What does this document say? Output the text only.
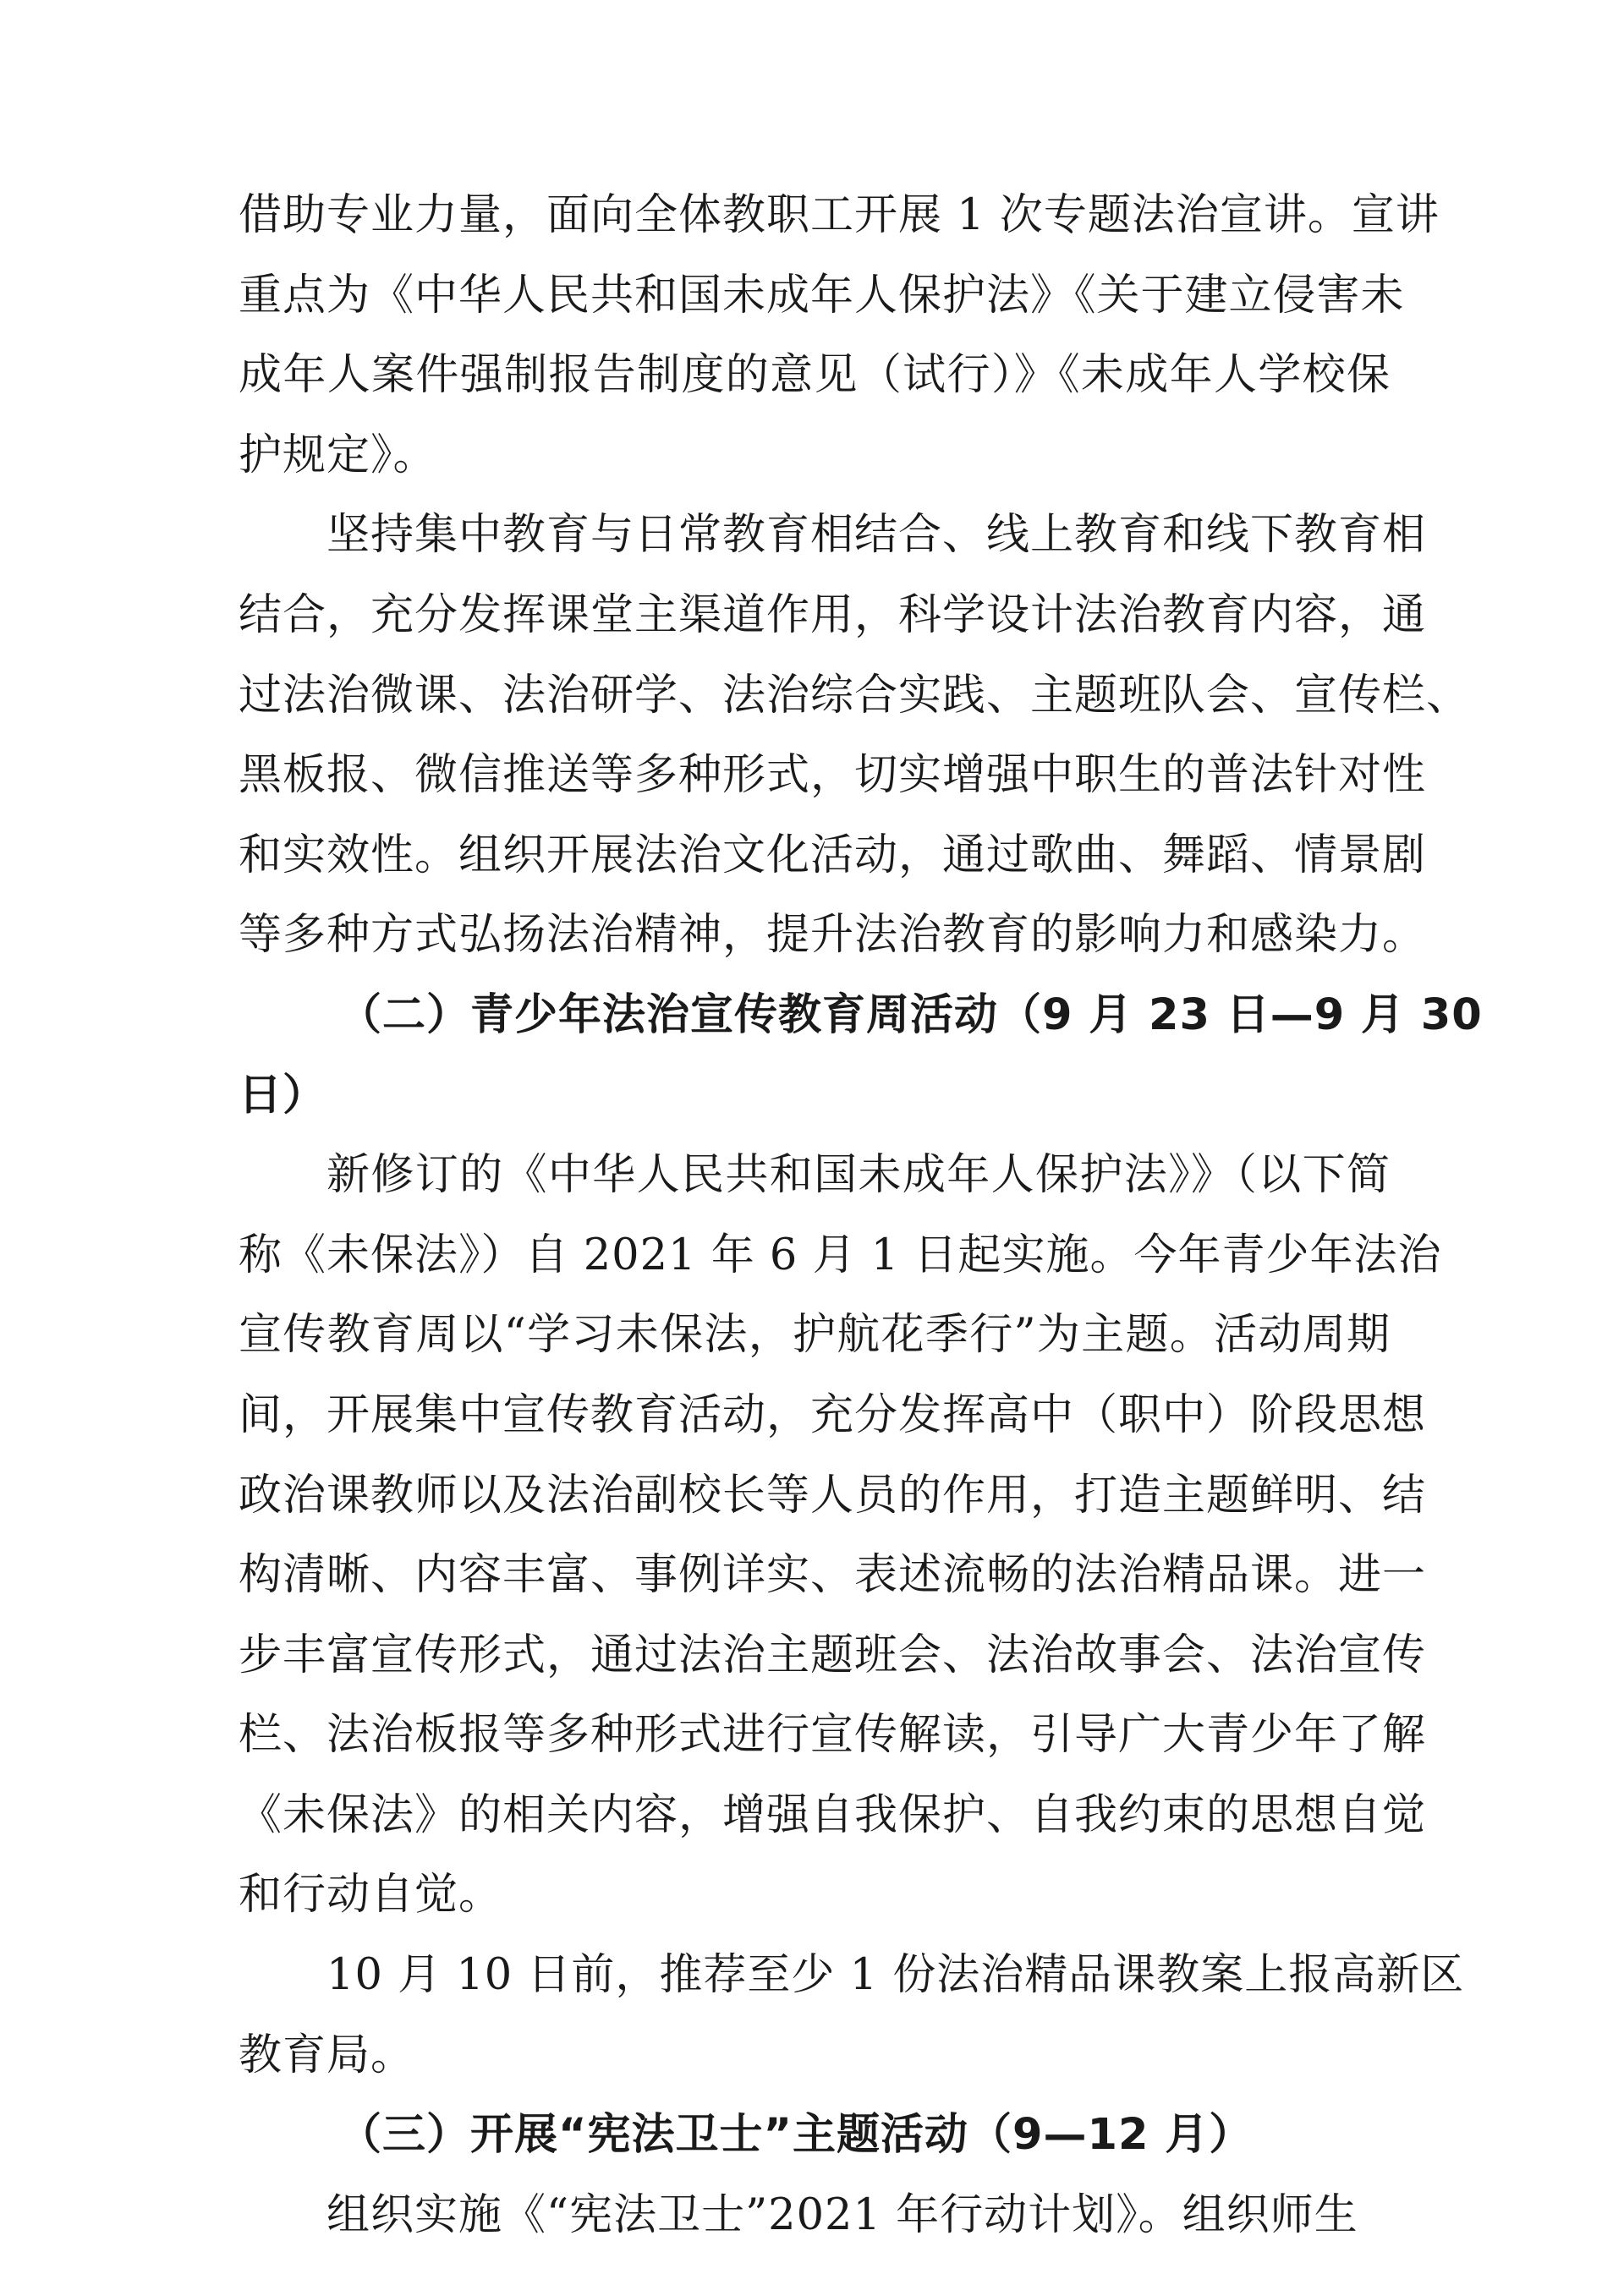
借助专业力量，面向全体教职工开展 1 次专题法治宣讲。宣讲
重点为《中华人民共和国未成年人保护法》《关于建立侵害未
成年人案件强制报告制度的意见（试行）》《未成年人学校保
护规定》。
坚持集中教育与日常教育相结合、线上教育和线下教育相
结合，充分发挥课堂主渠道作用，科学设计法治教育内容，通
过法治微课、法治研学、法治综合实践、主题班队会、宣传栏、
黑板报、微信推送等多种形式，切实增强中职生的普法针对性
和实效性。组织开展法治文化活动，通过歌曲、舞蹈、情景剧
等多种方式弘扬法治精神，提升法治教育的影响力和感染力。
（二）青少年法治宣传教育周活动（9 月 23 日—9 月 30
日）
新修订的《中华人民共和国未成年人保护法》》（以下简
称《未保法》）自 2021 年 6 月 1 日起实施。今年青少年法治
宣传教育周以“学习未保法，护航花季行”为主题。活动周期
间，开展集中宣传教育活动，充分发挥高中（职中）阶段思想
政治课教师以及法治副校长等人员的作用，打造主题鲜明、结
构清晰、内容丰富、事例详实、表述流畅的法治精品课。进一
步丰富宣传形式，通过法治主题班会、法治故事会、法治宣传
栏、法治板报等多种形式进行宣传解读，引导广大青少年了解
《未保法》的相关内容，增强自我保护、自我约束的思想自觉
和行动自觉。
10 月 10 日前，推荐至少 1 份法治精品课教案上报高新区
教育局。
（三）开展“宪法卫士”主题活动（9—12 月）
组织实施《“宪法卫士”2021 年行动计划》。组织师生
